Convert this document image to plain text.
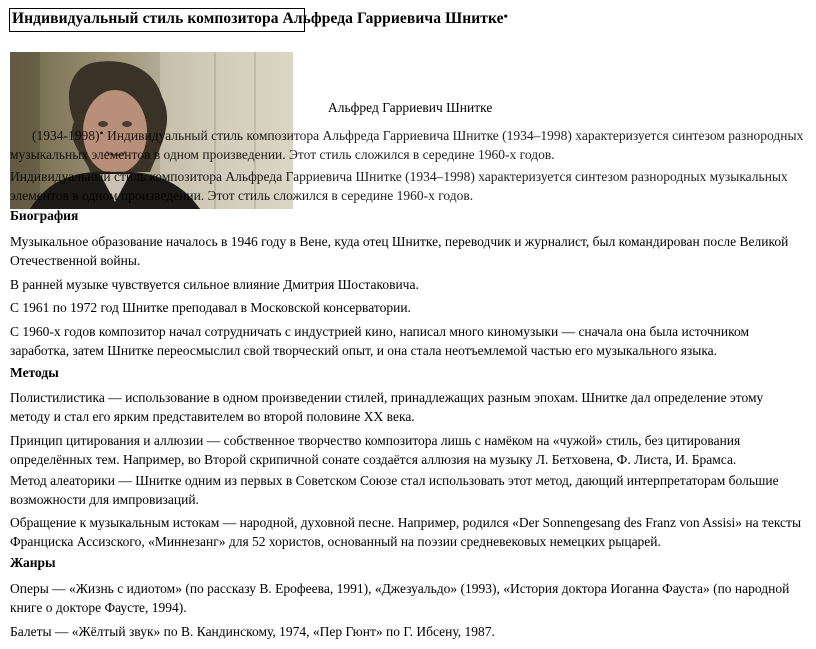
Индивидуальный стиль композитора Альфреда Гарриевича Шнитке•
Альфред Гарриевич Шнитке
(1934-1998)• Индивидуальный стиль композитора Альфреда Гарриевича Шнитке (1934–1998) характеризуется синтезом разнородных
музыкальных элементов в одном произведении. Этот стиль сложился в середине 1960-х годов.
Индивидуальный стиль композитора Альфреда Гарриевича Шнитке (1934–1998) характеризуется синтезом разнородных музыкальных элементов в одном произведении. Этот стиль сложился в середине 1960-х годов.
Биография
Музыкальное образование началось в 1946 году в Вене, куда отец Шнитке, переводчик и журналист, был командирован после Великой Отечественной войны.
В ранней музыке чувствуется сильное влияние Дмитрия Шостаковича.
С 1961 по 1972 год Шнитке преподавал в Московской консерватории.
С 1960-х годов композитор начал сотрудничать с индустрией кино, написал много киномузыки — сначала она была источником заработка, затем Шнитке переосмыслил свой творческий опыт, и она стала неотъемлемой частью его музыкального языка.
Методы
Полистилистика — использование в одном произведении стилей, принадлежащих разным эпохам. Шнитке дал определение этому методу и стал его ярким представителем во второй половине XX века.
Принцип цитирования и аллюзии — собственное творчество композитора лишь с намёком на «чужой» стиль, без цитирования определённых тем. Например, во Второй скрипичной сонате создаётся аллюзия на музыку Л. Бетховена, Ф. Листа, И. Брамса.
Метод алеаторики — Шнитке одним из первых в Советском Союзе стал использовать этот метод, дающий интерпретаторам большие возможности для импровизаций.
Обращение к музыкальным истокам — народной, духовной песне. Например, родился «Der Sonnengesang des Franz von Assisi» на тексты Франциска Ассизского, «Миннезанг» для 52 хористов, основанный на поэзии средневековых немецких рыцарей.
Жанры
Оперы — «Жизнь с идиотом» (по рассказу В. Ерофеева, 1991), «Джезуальдо» (1993), «История доктора Иоганна Фауста» (по народной книге о докторе Фаусте, 1994).
Балеты — «Жёлтый звук» по В. Кандинскому, 1974, «Пер Гюнт» по Г. Ибсену, 1987.
